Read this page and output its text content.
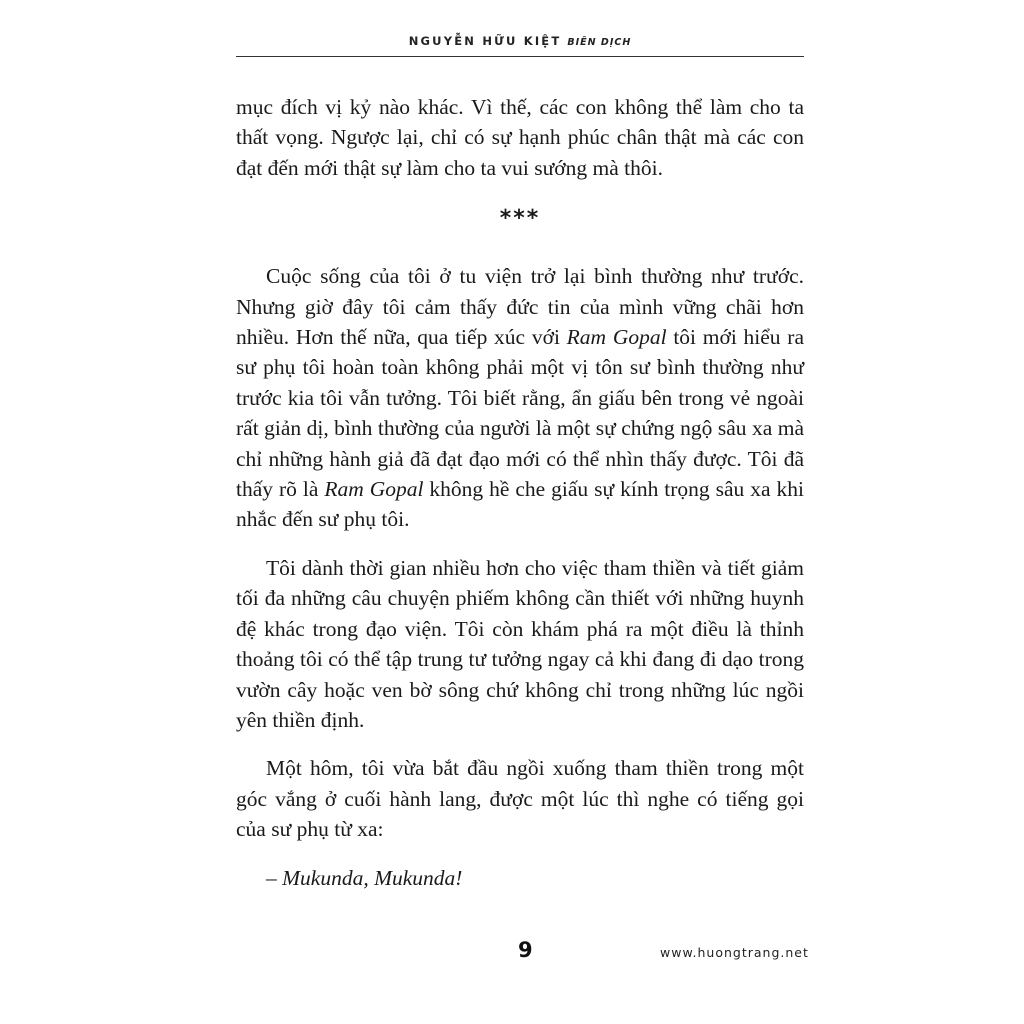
NGUYỄN HỮU KIỆT BIÊN DỊCH

mục đích vị kỷ nào khác. Vì thế, các con không thể làm cho ta thất vọng. Ngược lại, chỉ có sự hạnh phúc chân thật mà các con đạt đến mới thật sự làm cho ta vui sướng mà thôi.

Cuộc sống của tôi ở tu viện trở lại bình thường như trước. Nhưng giờ đây tôi cảm thấy đức tin của mình vững chãi hơn nhiều. Hơn thế nữa, qua tiếp xúc với Ram Gopal tôi mới hiểu ra sư phụ tôi hoàn toàn không phải một vị tôn sư bình thường như trước kia tôi vẫn tưởng. Tôi biết rằng, ẩn giấu bên trong vẻ ngoài rất giản dị, bình thường của người là một sự chứng ngộ sâu xa mà chỉ những hành giả đã đạt đạo mới có thể nhìn thấy được. Tôi đã thấy rõ là Ram Gopal không hề che giấu sự kính trọng sâu xa khi nhắc đến sư phụ tôi.

Tôi dành thời gian nhiều hơn cho việc tham thiền và tiết giảm tối đa những câu chuyện phiếm không cần thiết với những huynh đệ khác trong đạo viện. Tôi còn khám phá ra một điều là thỉnh thoảng tôi có thể tập trung tư tưởng ngay cả khi đang đi dạo trong vườn cây hoặc ven bờ sông chứ không chỉ trong những lúc ngồi yên thiền định.

Một hôm, tôi vừa bắt đầu ngồi xuống tham thiền trong một góc vắng ở cuối hành lang, được một lúc thì nghe có tiếng gọi của sư phụ từ xa:

***
– Mukunda, Mukunda!
9	www.huongtrang.net
